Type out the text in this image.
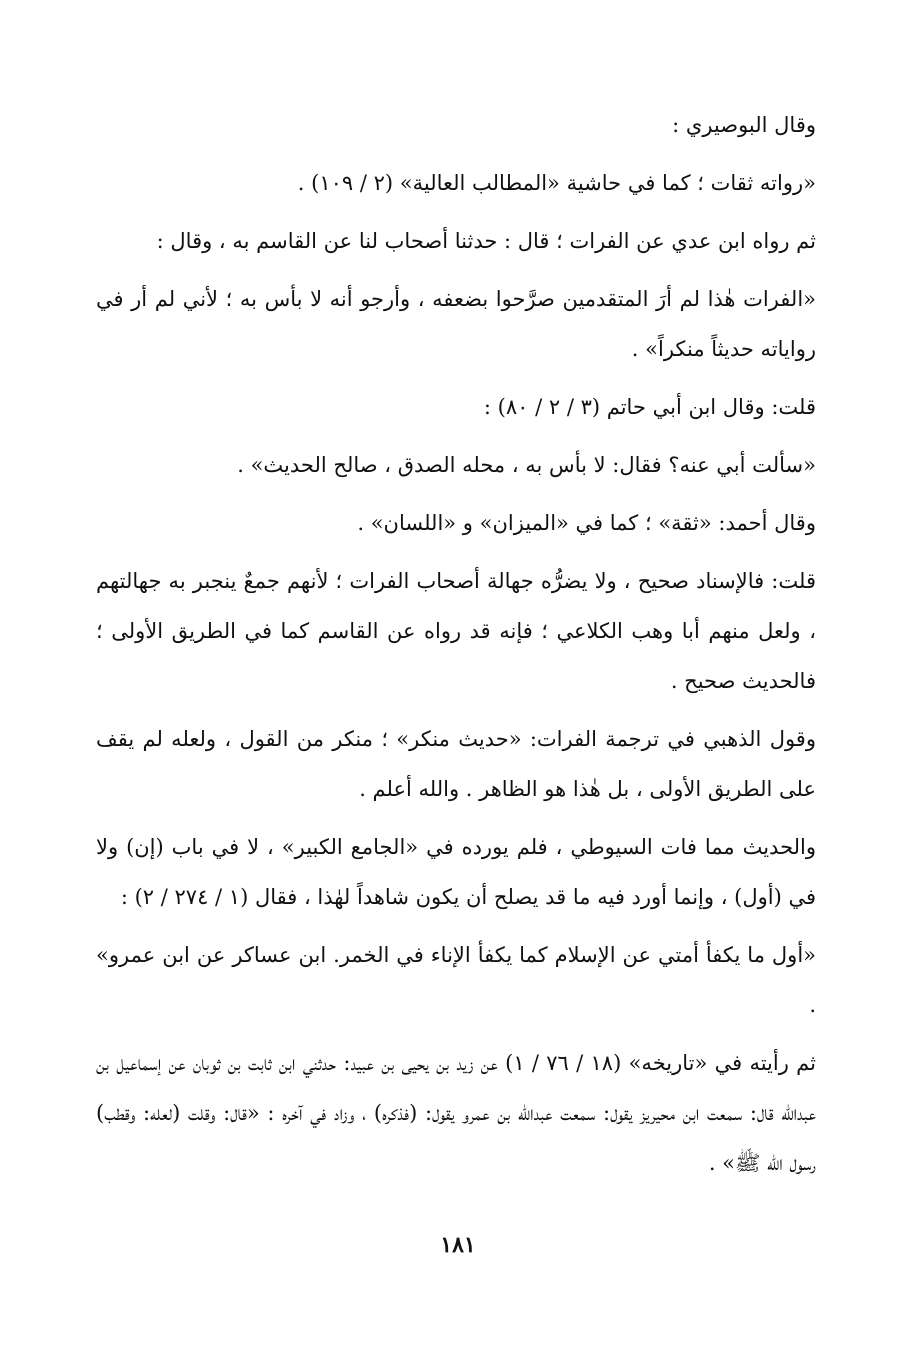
وقال البوصيري :

«رواته ثقات ؛ كما في حاشية «المطالب العالية» (٢ / ١٠٩) .

ثم رواه ابن عدي عن الفرات ؛ قال : حدثنا أصحاب لنا عن القاسم به ، وقال :

«الفرات هٰذا لم أرَ المتقدمين صرَّحوا بضعفه ، وأرجو أنه لا بأس به ؛ لأني لم أر في رواياته حديثاً منكراً» .

قلت: وقال ابن أبي حاتم (٣ / ٢ / ٨٠) :

«سألت أبي عنه؟ فقال: لا بأس به ، محله الصدق ، صالح الحديث» .

وقال أحمد: «ثقة» ؛ كما في «الميزان» و «اللسان» .

قلت: فالإسناد صحيح ، ولا يضرُّه جهالة أصحاب الفرات ؛ لأنهم جمعٌ ينجبر به جهالتهم ، ولعل منهم أبا وهب الكلاعي ؛ فإنه قد رواه عن القاسم كما في الطريق الأولى ؛ فالحديث صحيح .

وقول الذهبي في ترجمة الفرات: «حديث منكر» ؛ منكر من القول ، ولعله لم يقف على الطريق الأولى ، بل هٰذا هو الظاهر . والله أعلم .

والحديث مما فات السيوطي ، فلم يورده في «الجامع الكبير» ، لا في باب (إن) ولا في (أول) ، وإنما أورد فيه ما قد يصلح أن يكون شاهداً لهٰذا ، فقال (١ / ٢٧٤ / ٢) :

«أول ما يكفأ أمتي عن الإسلام كما يكفأ الإناء في الخمر. ابن عساكر عن ابن عمرو» .

ثم رأيته في «تاريخه» (١٨ / ٧٦ / ١) عن زيد بن يحيى بن عبيد: حدثني ابن ثابت بن ثوبان عن إسماعيل بن عبدالله قال: سمعت ابن محيريز يقول: سمعت عبدالله بن عمرو يقول: (فذكره) ، وزاد في آخره : «قال: وقلت (لعله: وقطب) رسول الله ﷺ» .

١٨١
